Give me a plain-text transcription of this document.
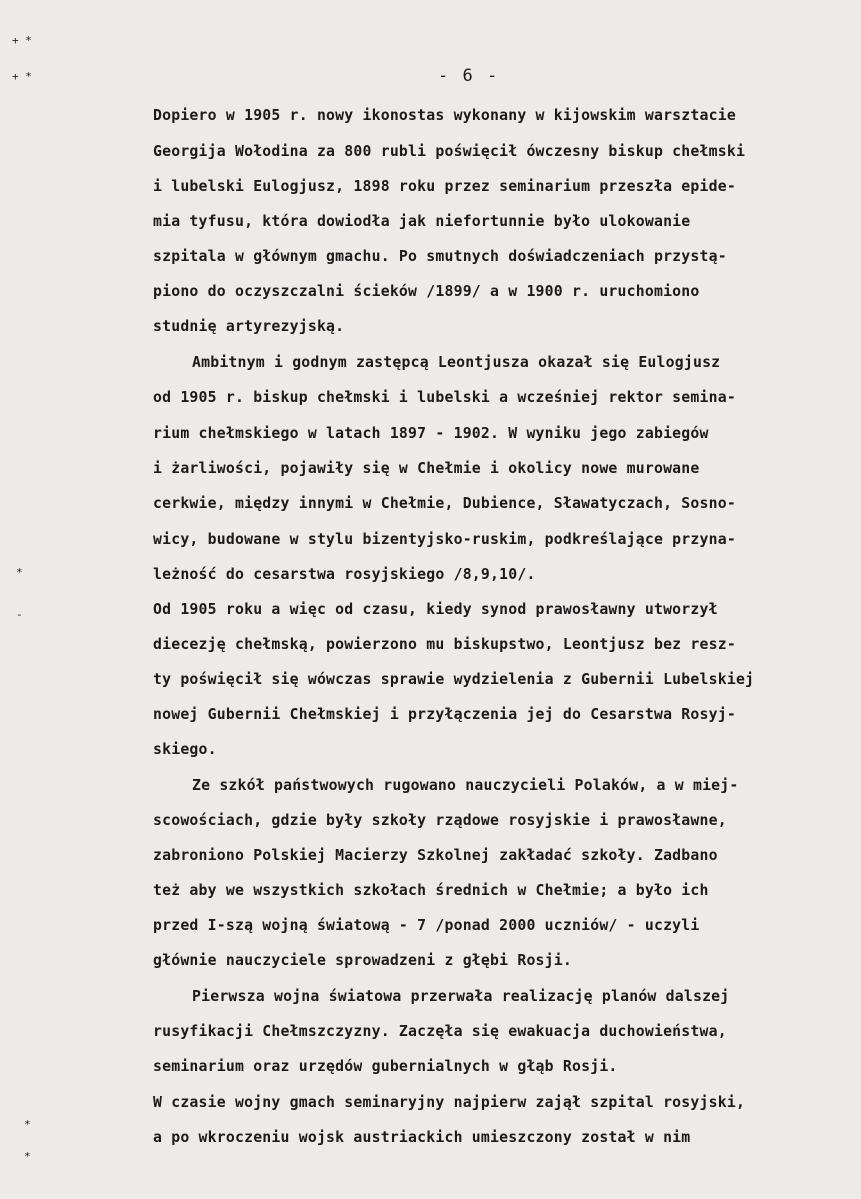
- 6 -
+ *
+ *
*
-
*
*
Dopiero w 1905 r. nowy ikonostas wykonany w kijowskim warsztacie
Georgija Wołodina za 800 rubli poświęcił ówczesny biskup chełmski
i lubelski Eulogjusz, 1898 roku przez seminarium przeszła epide-
mia tyfusu, która dowiodła jak niefortunnie było ulokowanie
szpitala w głównym gmachu. Po smutnych doświadczeniach przystą-
piono do oczyszczalni ścieków /1899/ a w 1900 r. uruchomiono
studnię artyrezyjską.
Ambitnym i godnym zastępcą Leontjusza okazał się Eulogjusz
od 1905 r. biskup chełmski i lubelski a wcześniej rektor semina-
rium chełmskiego w latach 1897 - 1902. W wyniku jego zabiegów
i żarliwości, pojawiły się w Chełmie i okolicy nowe murowane
cerkwie, między innymi w Chełmie, Dubience, Sławatyczach, Sosno-
wicy, budowane w stylu bizentyjsko-ruskim, podkreślające przyna-
leżność do cesarstwa rosyjskiego /8,9,10/.
Od 1905 roku a więc od czasu, kiedy synod prawosławny utworzył
diecezję chełmską, powierzono mu biskupstwo, Leontjusz bez resz-
ty poświęcił się wówczas sprawie wydzielenia z Gubernii Lubelskiej
nowej Gubernii Chełmskiej i przyłączenia jej do Cesarstwa Rosyj-
skiego.
Ze szkół państwowych rugowano nauczycieli Polaków, a w miej-
scowościach, gdzie były szkoły rządowe rosyjskie i prawosławne,
zabroniono Polskiej Macierzy Szkolnej zakładać szkoły. Zadbano
też aby we wszystkich szkołach średnich w Chełmie; a było ich
przed I-szą wojną światową - 7 /ponad 2000 uczniów/ - uczyli
głównie nauczyciele sprowadzeni z głębi Rosji.
Pierwsza wojna światowa przerwała realizację planów dalszej
rusyfikacji Chełmszczyzny. Zaczęła się ewakuacja duchowieństwa,
seminarium oraz urzędów gubernialnych w głąb Rosji.
W czasie wojny gmach seminaryjny najpierw zajął szpital rosyjski,
a po wkroczeniu wojsk austriackich umieszczony został w nim
